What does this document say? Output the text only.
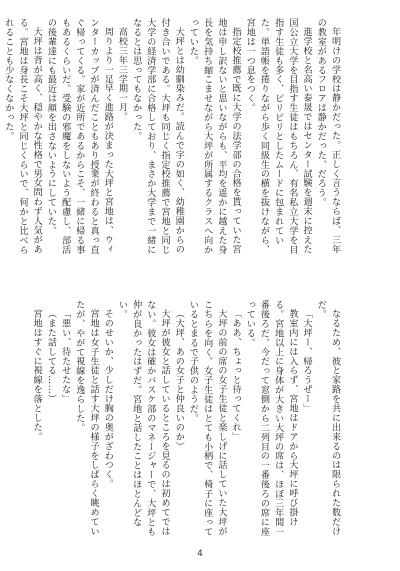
年明けの学校は静かだった。正しく言うならば、三年の教室があるフロアは静かだった、だろう。

進学校と名高い泰晟ではセンター試験を週末に控えた国公立大学を目指す生徒はもちろん、有名私立大学を目指す生徒も多く、ピリピリとしたムードに包まれていた。単語帳を捲りながら歩く同級生の横を抜けながら、宮地は一つ息をつく。

指定校推薦で既に大学の法学部の合格を貰っていた宮地は申し訳ないと思いながらも、平均を遥かに越えた身長を気持ち縮こませながら大坪が所属するクラスへ向かっていた。

大坪とは幼馴染みだ。読んで字の如く、幼稚園からの付き合いである。大坪も同じく指定校推薦で宮地と同じ大学の経済学部に合格しており、まさか大学まで一緒になるとは思ってもなかった。

高校三年三学期一月。

周りより一足早く進路が決まった大坪と宮地は、ウィンターカップが済んだこともあり授業が終わると真っ直ぐ帰ってくる。家が近所であるからこそ、一緒に帰る事もあるくらいだ。受験の邪魔をしないよう配慮し、部活の後輩達にも最近は顔を出さないようにしていた。

大坪は背が高く、穏やかな性格で男女問わず人気がある。宮地は身長こそ大坪と同じくらいで、何かと比べられることも少なくなかった。

なるため、彼と家路を共に出来るのは限られた数だけだ。

「大坪ー、帰ろうぜー」

教室内には入らず、宮地はドアから大坪に呼び掛ける。宮地以上に身体が大きい大坪の席は、ほぼ三年間一番後ろだ。今だって窓側から二列目の一番後ろの席に座っている。

「ああ、ちょっと待ってくれ」

大坪の前の席の女子生徒と楽しげに話していた大坪がこちらを向く。女子生徒はとても小柄で、椅子に座っているとまるで子供のようだ。

（大坪、あの女子と仲良いのか）

大坪が彼女と話しているところを見るのは初めてではない。彼女は確かバスケ部のマネージャーで、大坪とも仲が良かったはずだ。宮地と話したことはほとんどない。

そのせいか、少しだけ胸の奥がざわつく。

宮地は女子生徒と話す大坪の様子をしばらく眺めていたが、やがて視線を逸らした。

「悪い、待たせたな」

（また話してる……）

宮地はすぐに視線を落とした。

4
